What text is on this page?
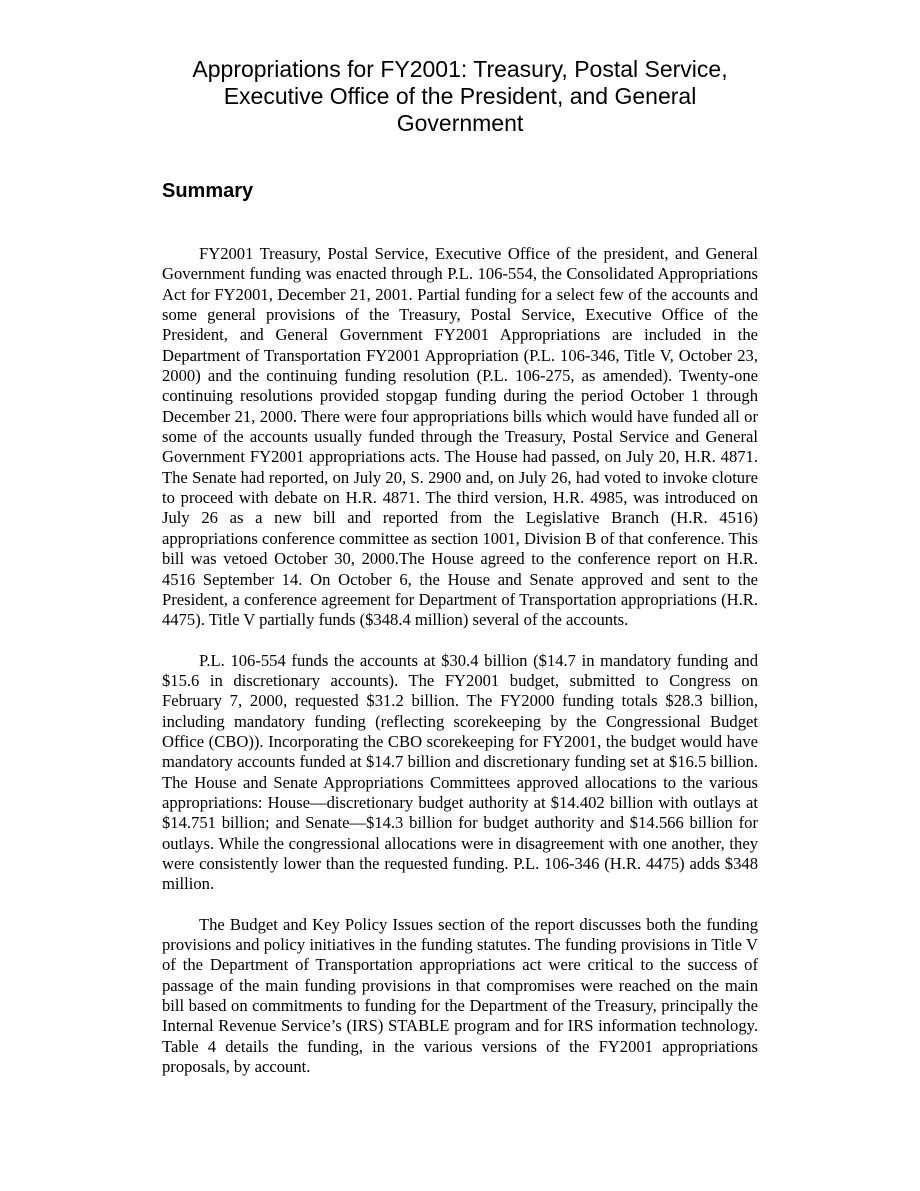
Appropriations for FY2001: Treasury, Postal Service, Executive Office of the President, and General Government
Summary

FY2001 Treasury, Postal Service, Executive Office of the president, and General Government funding was enacted through P.L. 106-554, the Consolidated Appropriations Act for FY2001, December 21, 2001. Partial funding for a select few of the accounts and some general provisions of the Treasury, Postal Service, Executive Office of the President, and General Government FY2001 Appropriations are included in the Department of Transportation FY2001 Appropriation (P.L. 106-346, Title V, October 23, 2000) and the continuing funding resolution (P.L. 106-275, as amended). Twenty-one continuing resolutions provided stopgap funding during the period October 1 through December 21, 2000. There were four appropriations bills which would have funded all or some of the accounts usually funded through the Treasury, Postal Service and General Government FY2001 appropriations acts. The House had passed, on July 20, H.R. 4871. The Senate had reported, on July 20, S. 2900 and, on July 26, had voted to invoke cloture to proceed with debate on H.R. 4871. The third version, H.R. 4985, was introduced on July 26 as a new bill and reported from the Legislative Branch (H.R. 4516) appropriations conference committee as section 1001, Division B of that conference. This bill was vetoed October 30, 2000.The House agreed to the conference report on H.R. 4516 September 14. On October 6, the House and Senate approved and sent to the President, a conference agreement for Department of Transportation appropriations (H.R. 4475). Title V partially funds ($348.4 million) several of the accounts.

P.L. 106-554 funds the accounts at $30.4 billion ($14.7 in mandatory funding and $15.6 in discretionary accounts). The FY2001 budget, submitted to Congress on February 7, 2000, requested $31.2 billion. The FY2000 funding totals $28.3 billion, including mandatory funding (reflecting scorekeeping by the Congressional Budget Office (CBO)). Incorporating the CBO scorekeeping for FY2001, the budget would have mandatory accounts funded at $14.7 billion and discretionary funding set at $16.5 billion. The House and Senate Appropriations Committees approved allocations to the various appropriations: House—discretionary budget authority at $14.402 billion with outlays at $14.751 billion; and Senate—$14.3 billion for budget authority and $14.566 billion for outlays. While the congressional allocations were in disagreement with one another, they were consistently lower than the requested funding. P.L. 106-346 (H.R. 4475) adds $348 million.

The Budget and Key Policy Issues section of the report discusses both the funding provisions and policy initiatives in the funding statutes. The funding provisions in Title V of the Department of Transportation appropriations act were critical to the success of passage of the main funding provisions in that compromises were reached on the main bill based on commitments to funding for the Department of the Treasury, principally the Internal Revenue Service’s (IRS) STABLE program and for IRS information technology. Table 4 details the funding, in the various versions of the FY2001 appropriations proposals, by account.
